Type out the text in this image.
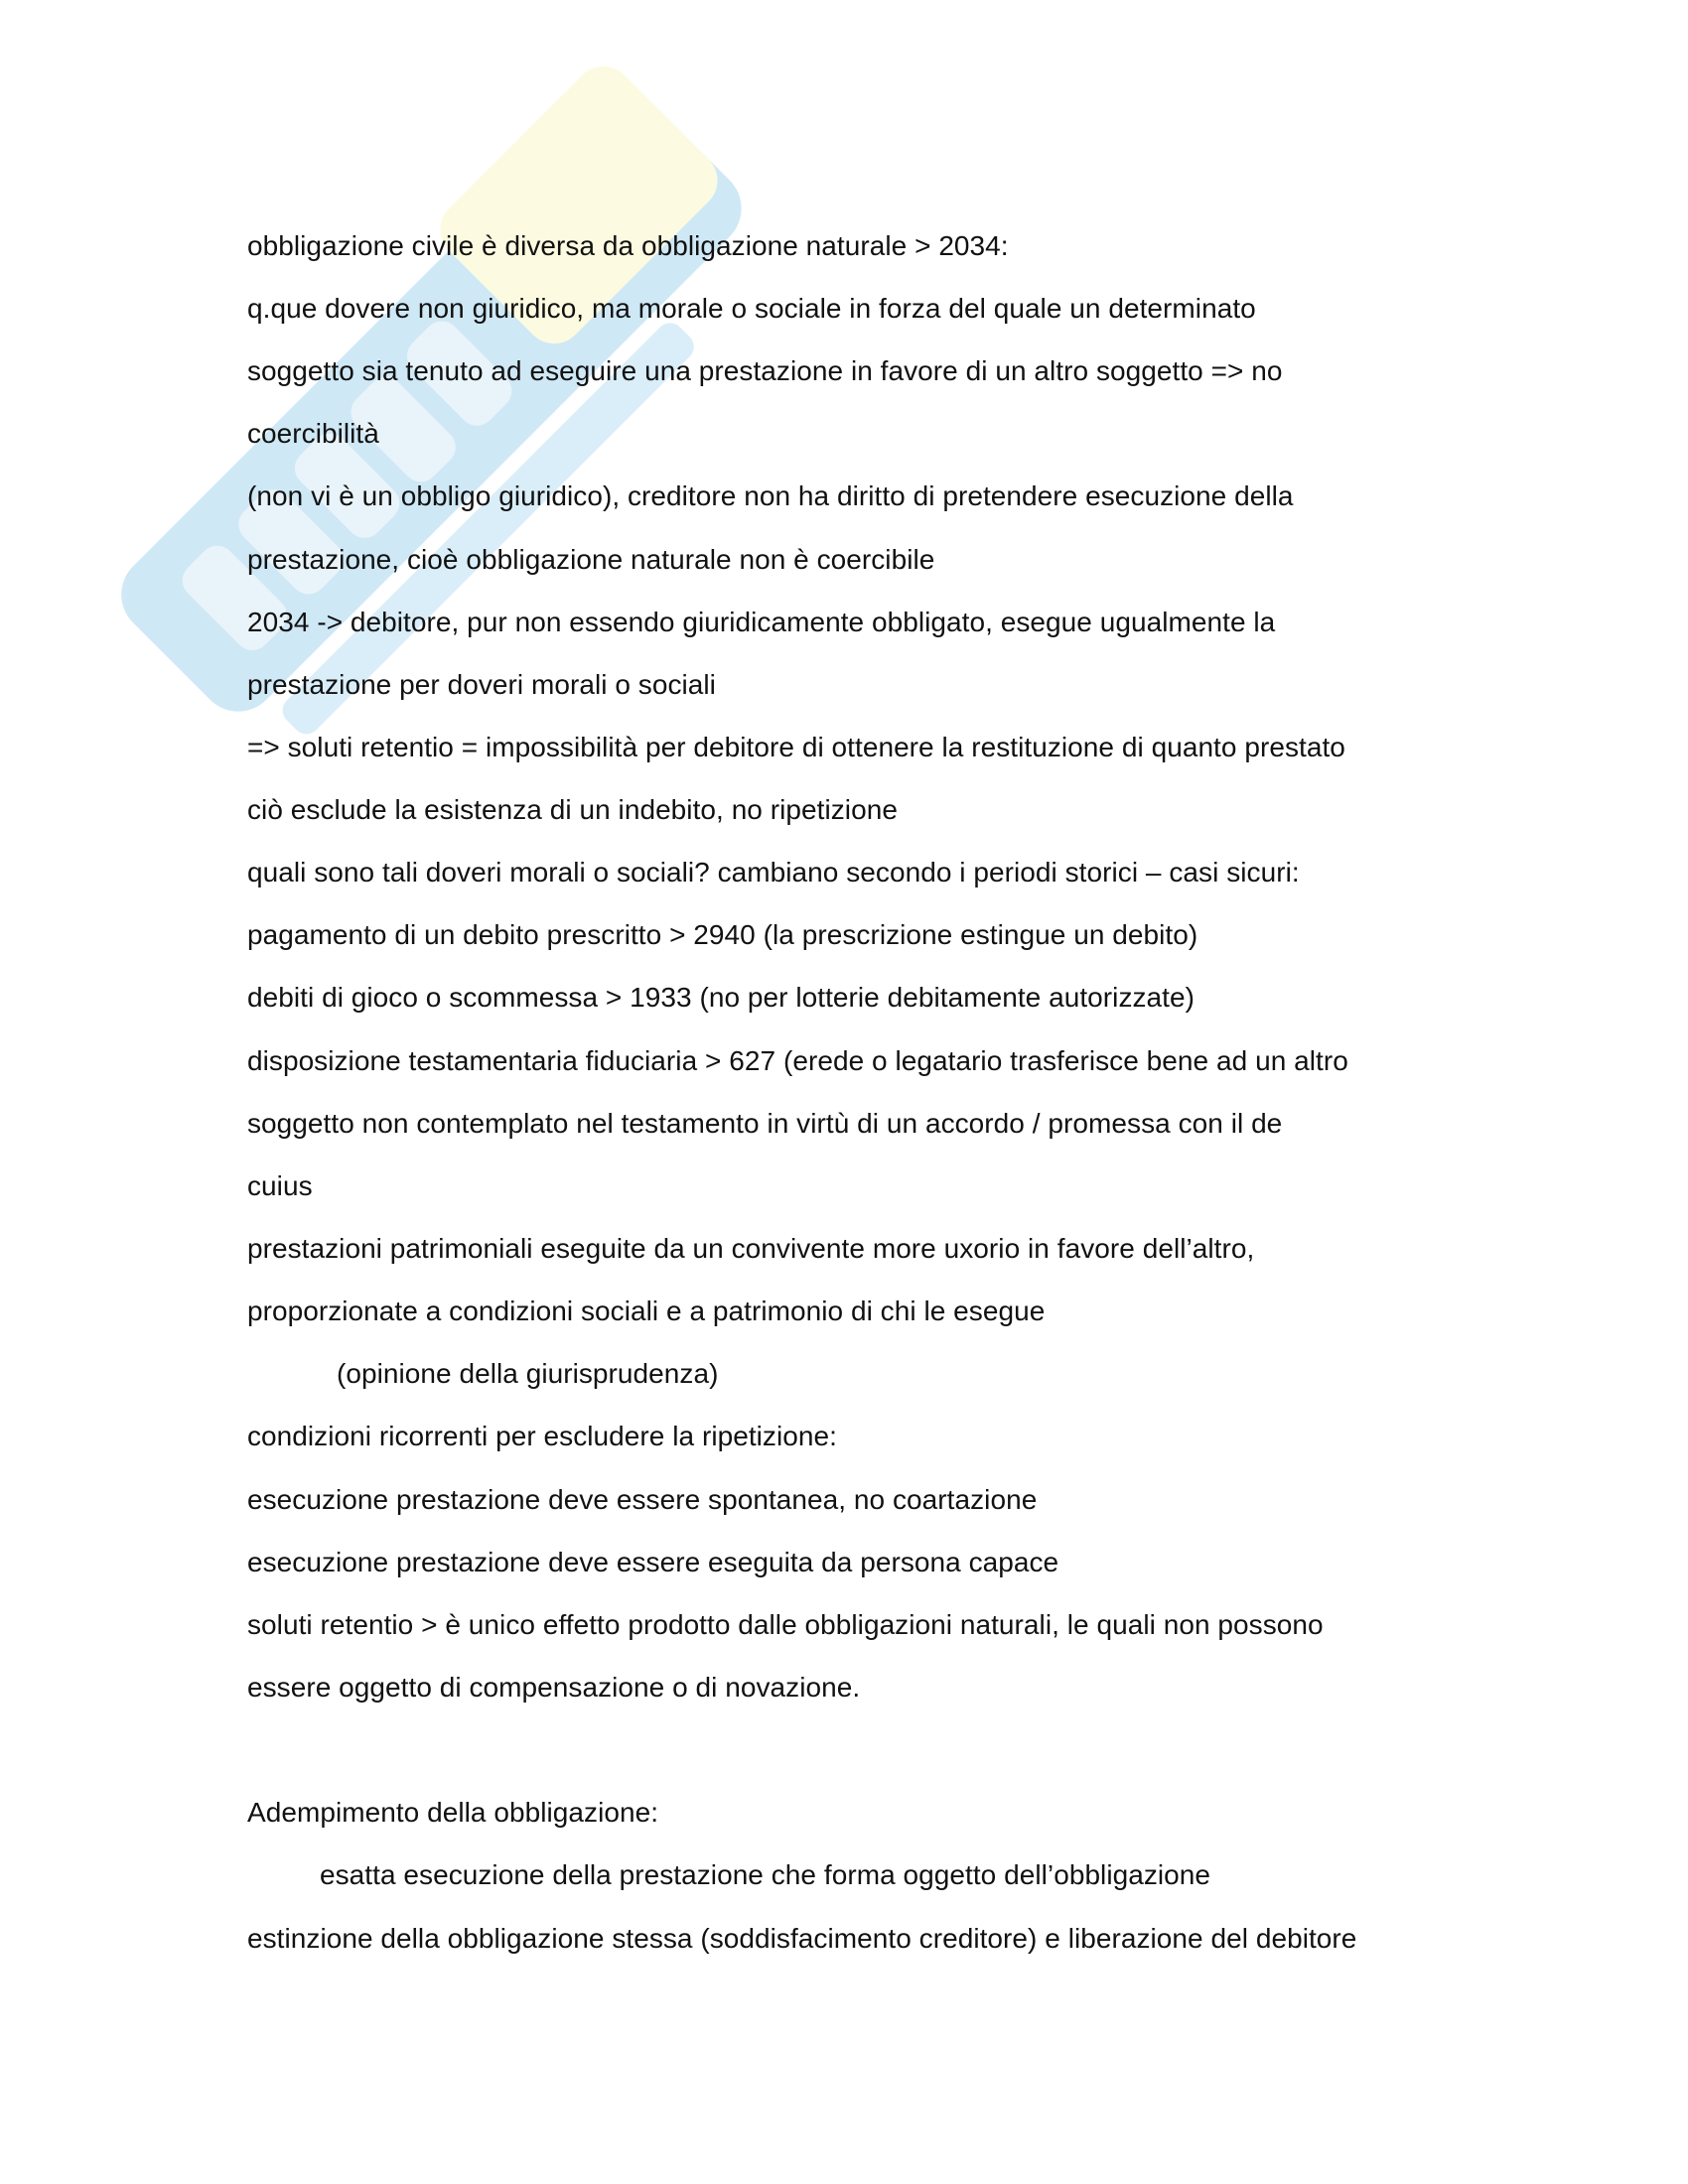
obbligazione civile è diversa da obbligazione naturale > 2034:
q.que dovere non giuridico, ma morale o sociale in forza del quale un determinato
soggetto sia tenuto ad eseguire una prestazione in favore di un altro soggetto => no
coercibilità
(non vi è un obbligo giuridico), creditore non ha diritto di pretendere esecuzione della
prestazione, cioè obbligazione naturale non è coercibile
2034 -> debitore, pur non essendo giuridicamente obbligato, esegue ugualmente la
prestazione per doveri morali o sociali
=> soluti retentio = impossibilità per debitore di ottenere la restituzione di quanto prestato
ciò esclude la esistenza di un indebito, no ripetizione
quali sono tali doveri morali o sociali? cambiano secondo i periodi storici – casi sicuri:
pagamento di un debito prescritto > 2940 (la prescrizione estingue un debito)
debiti di gioco o scommessa > 1933 (no per lotterie debitamente autorizzate)
disposizione testamentaria fiduciaria > 627 (erede o legatario trasferisce bene ad un altro
soggetto non contemplato nel testamento in virtù di un accordo / promessa con il de
cuius
prestazioni patrimoniali eseguite da un convivente more uxorio in favore dell’altro,
proporzionate a condizioni sociali e a patrimonio di chi le esegue
(opinione della giurisprudenza)
condizioni ricorrenti per escludere la ripetizione:
esecuzione prestazione deve essere spontanea, no coartazione
esecuzione prestazione deve essere eseguita da persona capace
soluti retentio > è unico effetto prodotto dalle obbligazioni naturali, le quali non possono
essere oggetto di compensazione o di novazione.
Adempimento della obbligazione:
esatta esecuzione della prestazione che forma oggetto dell’obbligazione
estinzione della obbligazione stessa (soddisfacimento creditore) e liberazione del debitore
